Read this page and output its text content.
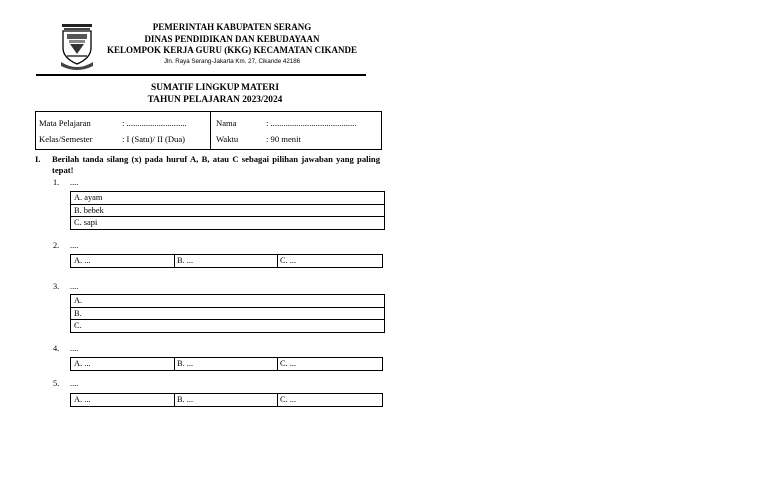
PEMERINTAH KABUPATEN SERANG
DINAS PENDIDIKAN DAN KEBUDAYAAN
KELOMPOK KERJA GURU (KKG) KECAMATAN CIKANDE
Jln. Raya Serang-Jakarta Km. 27, Cikande 42186
SUMATIF LINGKUP MATERI
TAHUN PELAJARAN 2023/2024
Mata Pelajaran	: ............................
Kelas/Semester	: I (Satu)/ II (Dua)
Nama	: ........................................
Waktu	: 90 menit
I. Berilah tanda silang (x) pada huruf A, B, atau C sebagai pilihan jawaban yang paling tepat!
1. ....
A. ayam
B. bebek
C. sapi
2. ....
A. ...	B. ...	C. ...
3. ....
A.
B.
C.
4. ....
A. ...	B. ...	C. ...
5. ....
A. ...	B. ...	C. ...
